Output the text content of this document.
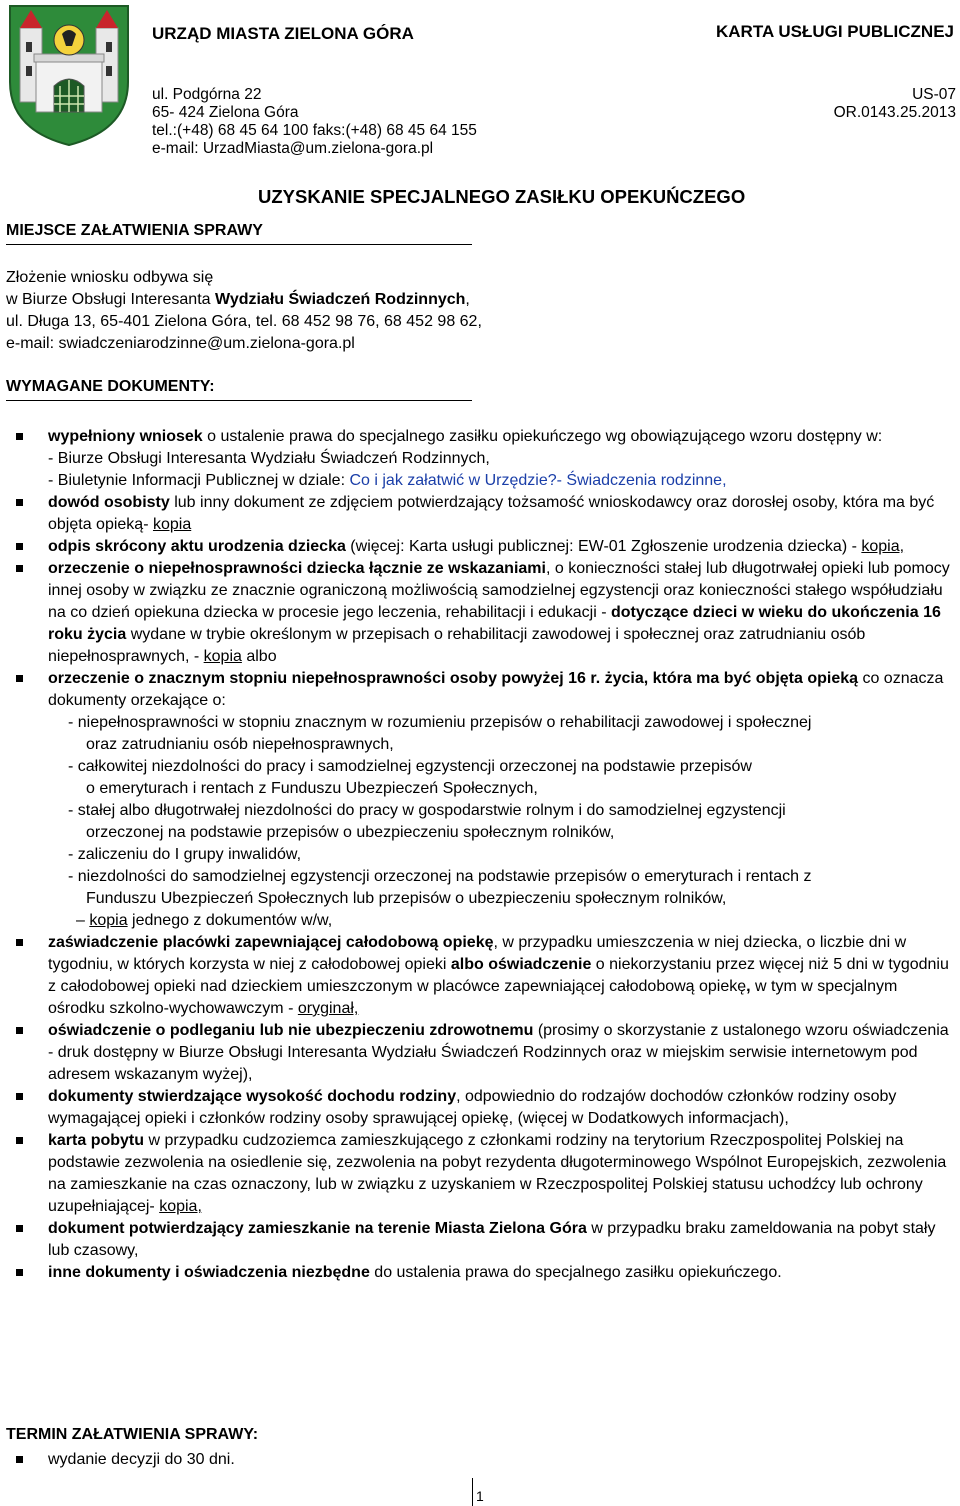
URZĄD MIASTA ZIELONA GÓRA	KARTA USŁUGI PUBLICZNEJ
ul. Podgórna 22
65- 424 Zielona Góra
tel.:(+48) 68 45 64 100 faks:(+48) 68 45 64 155
e-mail: UrzadMiasta@um.zielona-gora.pl
US-07
OR.0143.25.2013
UZYSKANIE SPECJALNEGO ZASIŁKU OPEKUŃCZEGO
MIEJSCE ZAŁATWIENIA SPRAWY
Złożenie wniosku odbywa się
w Biurze Obsługi Interesanta Wydziału Świadczeń Rodzinnych,
ul. Długa 13, 65-401 Zielona Góra, tel. 68 452 98 76, 68 452 98 62,
e-mail: swiadczeniarodzinne@um.zielona-gora.pl
WYMAGANE DOKUMENTY:
wypełniony wniosek o ustalenie prawa do specjalnego zasiłku opiekuńczego wg obowiązującego wzoru dostępny w:
- Biurze Obsługi Interesanta Wydziału Świadczeń Rodzinnych,
- Biuletynie Informacji Publicznej w dziale: Co i jak załatwić w Urzędzie?- Świadczenia rodzinne,
dowód osobisty lub inny dokument ze zdjęciem potwierdzający tożsamość wnioskodawcy oraz dorosłej osoby, która ma być objęta opieką- kopia
odpis skrócony aktu urodzenia dziecka (więcej: Karta usługi publicznej: EW-01 Zgłoszenie urodzenia dziecka) - kopia,
orzeczenie o niepełnosprawności dziecka łącznie ze wskazaniami, o konieczności stałej lub długotrwałej opieki lub pomocy innej osoby w związku ze znacznie ograniczoną możliwością samodzielnej egzystencji oraz konieczności stałego współudziału na co dzień opiekuna dziecka w procesie jego leczenia, rehabilitacji i edukacji - dotyczące dzieci w wieku do ukończenia 16 roku życia wydane w trybie określonym w przepisach o rehabilitacji zawodowej i społecznej oraz zatrudnianiu osób niepełnosprawnych, - kopia albo
orzeczenie o znacznym stopniu niepełnosprawności osoby powyżej 16 r. życia, która ma być objęta opieką co oznacza dokumenty orzekające o:
- niepełnosprawności w stopniu znacznym w rozumieniu przepisów o rehabilitacji zawodowej i społecznej
oraz zatrudnianiu osób niepełnosprawnych,
- całkowitej niezdolności do pracy i samodzielnej egzystencji orzeczonej na podstawie przepisów
o emeryturach i rentach z Funduszu Ubezpieczeń Społecznych,
- stałej albo długotrwałej niezdolności do pracy w gospodarstwie rolnym i do samodzielnej egzystencji
orzeczonej na podstawie przepisów o ubezpieczeniu społecznym rolników,
- zaliczeniu do I grupy inwalidów,
- niezdolności do samodzielnej egzystencji orzeczonej na podstawie przepisów o emeryturach i rentach z
Funduszu Ubezpieczeń Społecznych lub przepisów o ubezpieczeniu społecznym rolników,
– kopia jednego z dokumentów w/w,
zaświadczenie placówki zapewniającej całodobową opiekę, w przypadku umieszczenia w niej dziecka, o liczbie dni w tygodniu, w których korzysta w niej z całodobowej opieki albo oświadczenie o niekorzystaniu przez więcej niż 5 dni w tygodniu z całodobowej opieki nad dzieckiem umieszczonym w placówce zapewniającej całodobową opiekę, w tym w specjalnym ośrodku szkolno-wychowawczym - oryginał,
oświadczenie o podleganiu lub nie ubezpieczeniu zdrowotnemu (prosimy o skorzystanie z ustalonego wzoru oświadczenia - druk dostępny w Biurze Obsługi Interesanta Wydziału Świadczeń Rodzinnych oraz w miejskim serwisie internetowym pod adresem wskazanym wyżej),
dokumenty stwierdzające wysokość dochodu rodziny, odpowiednio do rodzajów dochodów członków rodziny osoby wymagającej opieki i członków rodziny osoby sprawującej opiekę, (więcej w Dodatkowych informacjach),
karta pobytu w przypadku cudzoziemca zamieszkującego z członkami rodziny na terytorium Rzeczpospolitej Polskiej na podstawie zezwolenia na osiedlenie się, zezwolenia na pobyt rezydenta długoterminowego Wspólnot Europejskich, zezwolenia na zamieszkanie na czas oznaczony, lub w związku z uzyskaniem w Rzeczpospolitej Polskiej statusu uchodźcy lub ochrony uzupełniającej- kopia,
dokument potwierdzający zamieszkanie na terenie Miasta Zielona Góra w przypadku braku zameldowania na pobyt stały lub czasowy,
inne dokumenty i oświadczenia niezbędne do ustalenia prawa do specjalnego zasiłku opiekuńczego.
TERMIN ZAŁATWIENIA SPRAWY:
wydanie decyzji do 30 dni.
1
